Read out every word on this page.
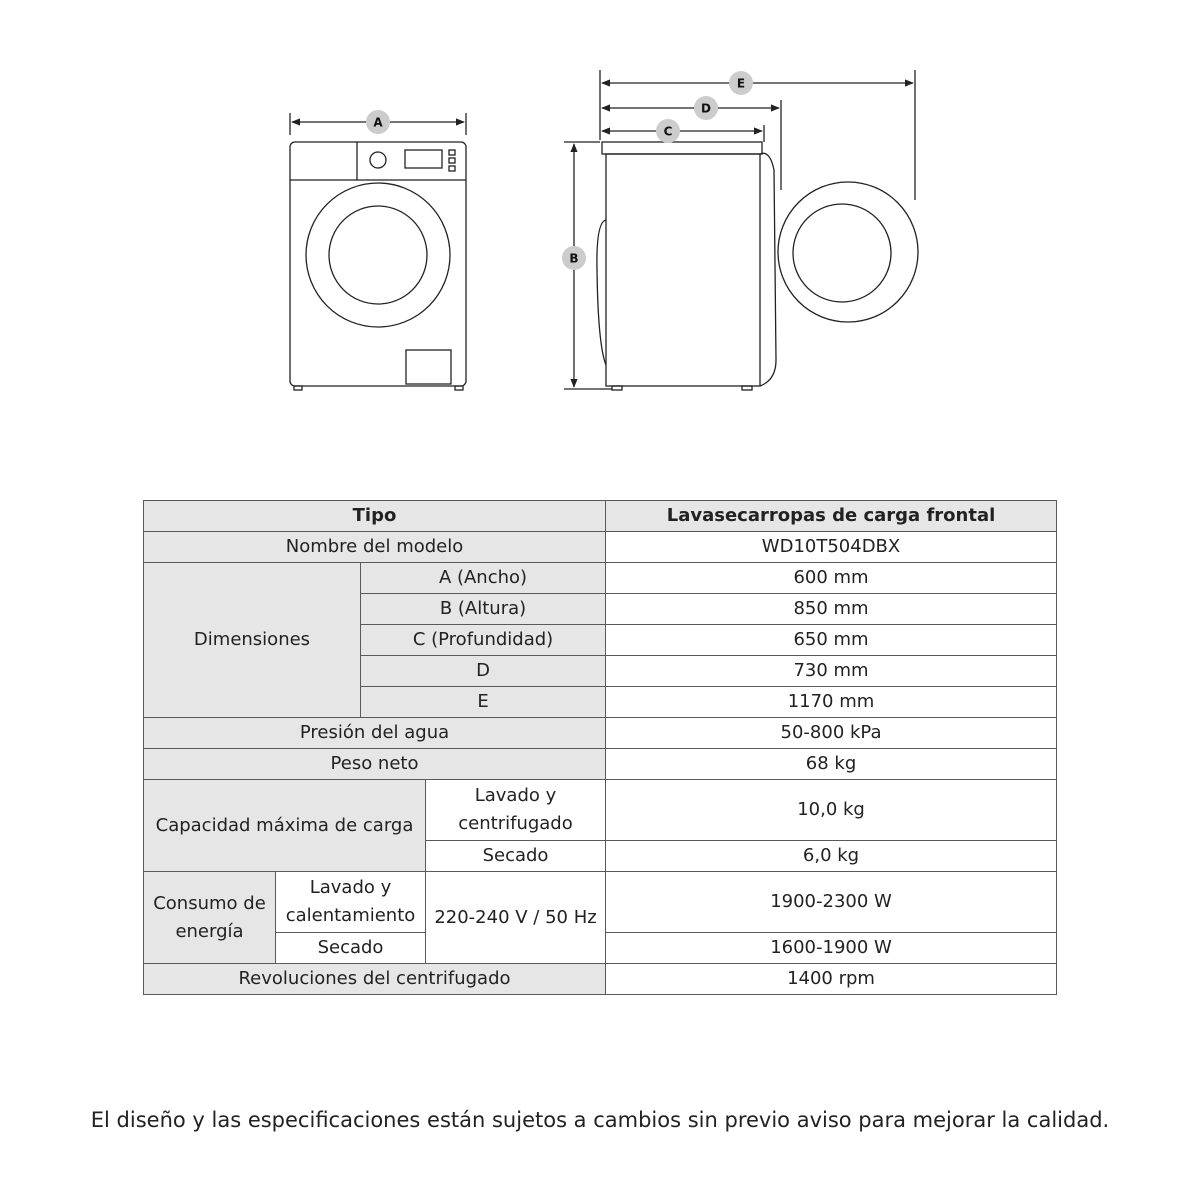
A
E
D
C
B
Tipo				Lavasecarropas de carga frontal
Nombre del modelo				WD10T504DBX
Dimensiones		A (Ancho)		600 mm
		B (Altura)		850 mm
		C (Profundidad)		650 mm
		D		730 mm
		E		1170 mm
Presión del agua				50-800 kPa
Peso neto				68 kg
Capacidad máxima de carga			Lavado y centrifugado	10,0 kg
			Secado	6,0 kg
Consumo de energía	Lavado y calentamiento		220-240 V / 50 Hz	1900-2300 W
	Secado			1600-1900 W
Revoluciones del centrifugado				1400 rpm
El diseño y las especificaciones están sujetos a cambios sin previo aviso para mejorar la calidad.
